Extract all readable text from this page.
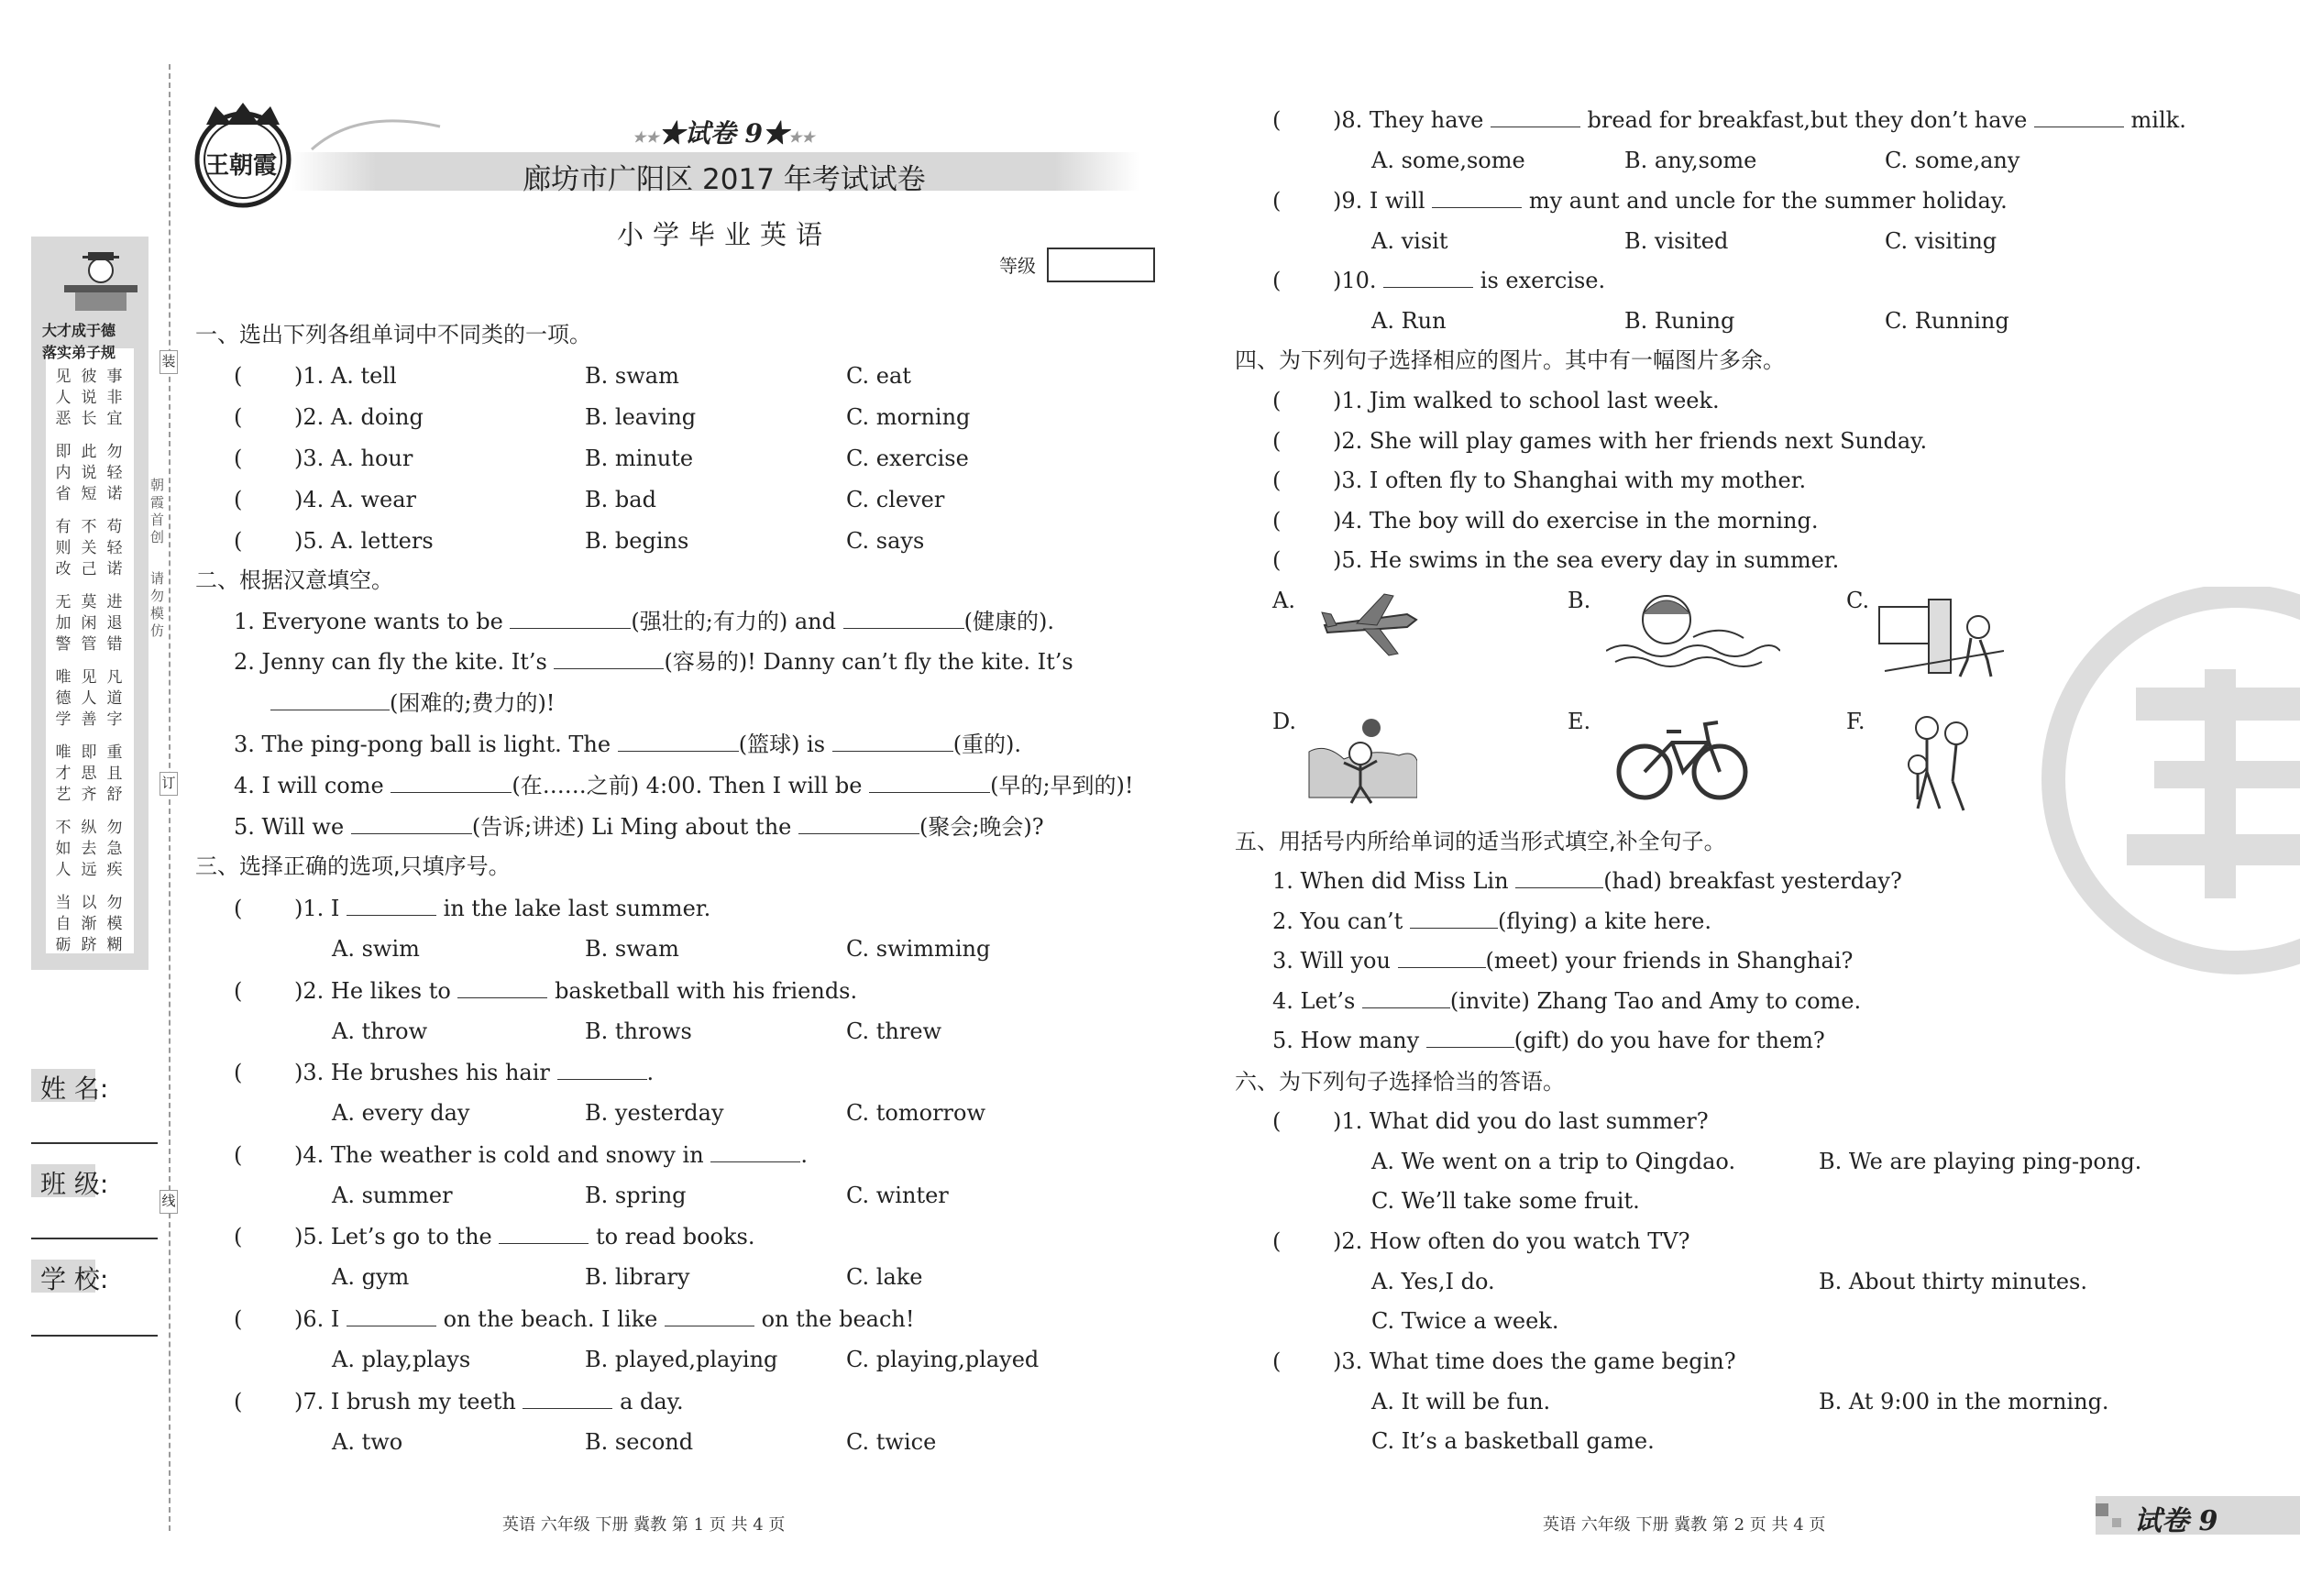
大才成于德
落实弟子规
见人恶
彼说长
事非宜
即内省
此说短
勿轻诺
有则改
不关己
苟轻诺
无加警
莫闲管
进退错
唯德学
见人善
凡道字
唯才艺
即思齐
重且舒
不如人
纵去远
勿急疾
当自砺
以渐跻
勿模糊
装
订
线
朝霞首创
请勿模仿
姓 名:
班 级:
学 校:
王朝霞
★★★试卷 9★★★
廊坊市广阳区 2017 年考试试卷
小学毕业英语
等级
一、选出下列各组单词中不同类的一项。
( )1. A. tell	B. swam	C. eat
( )2. A. doing	B. leaving	C. morning
( )3. A. hour	B. minute	C. exercise
( )4. A. wear	B. bad	C. clever
( )5. A. letters	B. begins	C. says
二、根据汉意填空。
1. Everyone wants to be	(强壮的;有力的) and	(健康的).
2. Jenny can fly the kite. It’s	(容易的)! Danny can’t fly the kite. It’s
(困难的;费力的)!
3. The ping-pong ball is light. The	(篮球) is	(重的).
4. I will come	(在……之前) 4:00. Then I will be	(早的;早到的)!
5. Will we	(告诉;讲述) Li Ming about the	(聚会;晚会)?
三、选择正确的选项,只填序号。
( )1. I	in the lake last summer.
A. swim	B. swam	C. swimming
( )2. He likes to	basketball with his friends.
A. throw	B. throws	C. threw
( )3. He brushes his hair	.
A. every day	B. yesterday	C. tomorrow
( )4. The weather is cold and snowy in	.
A. summer	B. spring	C. winter
( )5. Let’s go to the	to read books.
A. gym	B. library	C. lake
( )6. I	on the beach. I like	on the beach!
A. play,plays	B. played,playing	C. playing,played
( )7. I brush my teeth	a day.
A. two	B. second	C. twice
( )8. They have	bread for breakfast,but they don’t have	milk.
A. some,some	B. any,some	C. some,any
( )9. I will	my aunt and uncle for the summer holiday.
A. visit	B. visited	C. visiting
( )10.	is exercise.
A. Run	B. Runing	C. Running
四、为下列句子选择相应的图片。其中有一幅图片多余。
( )1. Jim walked to school last week.
( )2. She will play games with her friends next Sunday.
( )3. I often fly to Shanghai with my mother.
( )4. The boy will do exercise in the morning.
( )5. He swims in the sea every day in summer.
A.	B.	C.
D.	E.	F.
五、用括号内所给单词的适当形式填空,补全句子。
1. When did Miss Lin	(had) breakfast yesterday?
2. You can’t	(flying) a kite here.
3. Will you	(meet) your friends in Shanghai?
4. Let’s	(invite) Zhang Tao and Amy to come.
5. How many	(gift) do you have for them?
六、为下列句子选择恰当的答语。
( )1. What did you do last summer?
A. We went on a trip to Qingdao.	B. We are playing ping-pong.
C. We’ll take some fruit.
( )2. How often do you watch TV?
A. Yes,I do.	B. About thirty minutes.
C. Twice a week.
( )3. What time does the game begin?
A. It will be fun.	B. At 9:00 in the morning.
C. It’s a basketball game.
英语 六年级 下册 冀教 第 1 页 共 4 页	英语 六年级 下册 冀教 第 2 页 共 4 页	试卷 9
